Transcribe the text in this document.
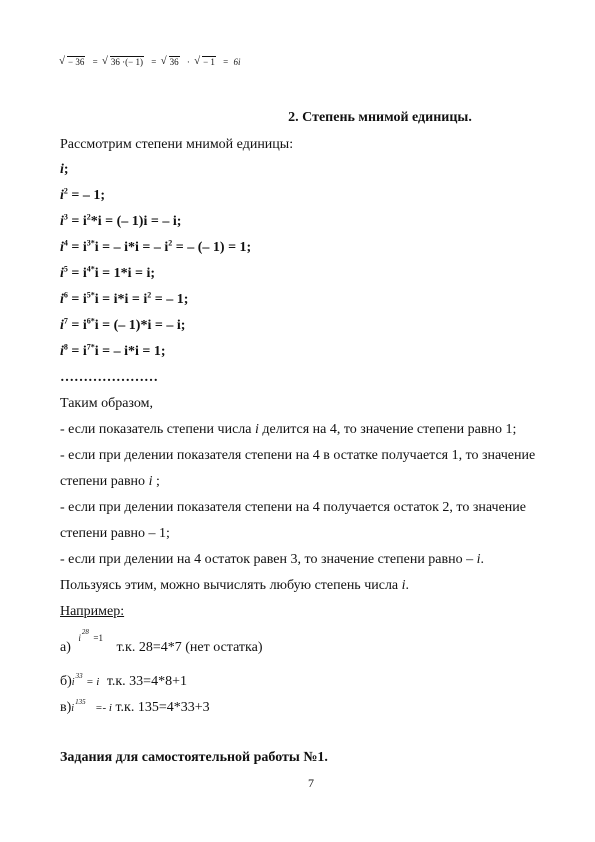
√ − 36 = √ 36 ·(− 1) = √ 36 · √ − 1 = 6i
2. Степень мнимой единицы.
Рассмотрим степени мнимой единицы:
i;
$i^2$ = – 1;
$i^3 = i^2*i$ = (– 1)i = – i;
$i^4 = i^{3*}i$ = – i*i = – $i^2$ = – (– 1) = 1;
$i^5 = i^{4*}i = 1*i = i$;
$i^6 = i^{5*}i = i*i = i^2$ = – 1;
$i^7 = i^{6*}i$ = (– 1)*i = – i;
$i^8 = i^{7*}i$ = – i*i = 1;
…………………
Таким образом,
- если показатель степени числа i делится на 4, то значение степени равно 1;
- если при делении показателя степени на 4 в остатке получается 1, то значение
степени равно i ;
- если при делении показателя степени на 4 получается остаток 2, то значение
степени равно – 1;
- если при делении на 4 остаток равен 3, то значение степени равно – i.
Пользуясь этим, можно вычислять любую степень числа i.
Например:
а) $^{i^{28} =1}$ т.к. 28=4*7 (нет остатка)
$б)i^{33} = i$ т.к. 33=4*8+1
$в)i^{135} =- i$ т.к. 135=4*33+3
Задания для самостоятельной работы №1.
7
